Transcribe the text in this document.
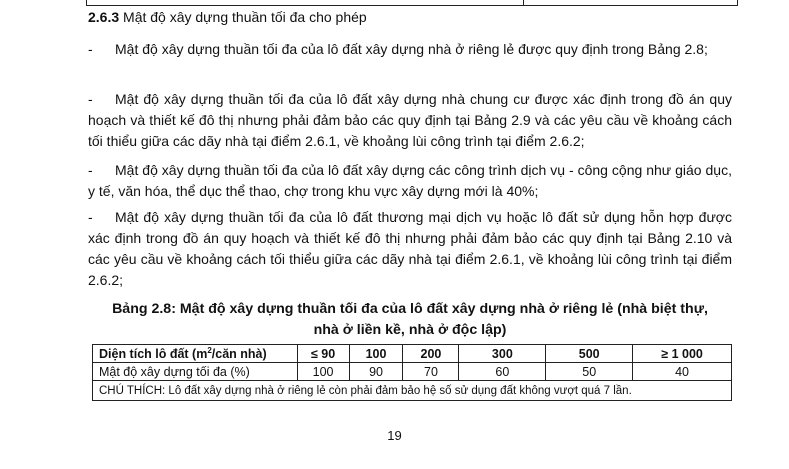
2.6.3 Mật độ xây dựng thuần tối đa cho phép
- Mật độ xây dựng thuần tối đa của lô đất xây dựng nhà ở riêng lẻ được quy định trong Bảng 2.8;
- Mật độ xây dựng thuần tối đa của lô đất xây dựng nhà chung cư được xác định trong đồ án quy hoạch và thiết kế đô thị nhưng phải đảm bảo các quy định tại Bảng 2.9 và các yêu cầu về khoảng cách tối thiểu giữa các dãy nhà tại điểm 2.6.1, về khoảng lùi công trình tại điểm 2.6.2;
- Mật độ xây dựng thuần tối đa của lô đất xây dựng các công trình dịch vụ - công cộng như giáo dục, y tế, văn hóa, thể dục thể thao, chợ trong khu vực xây dựng mới là 40%;
- Mật độ xây dựng thuần tối đa của lô đất thương mại dịch vụ hoặc lô đất sử dụng hỗn hợp được xác định trong đồ án quy hoạch và thiết kế đô thị nhưng phải đảm bảo các quy định tại Bảng 2.10 và các yêu cầu về khoảng cách tối thiểu giữa các dãy nhà tại điểm 2.6.1, về khoảng lùi công trình tại điểm 2.6.2;
Bảng 2.8: Mật độ xây dựng thuần tối đa của lô đất xây dựng nhà ở riêng lẻ (nhà biệt thự,
nhà ở liền kề, nhà ở độc lập)
Diện tích lô đất ($m^2$/căn nhà)	≤ 90	100	200	300	500	≥ 1 000
Mật độ xây dựng tối đa (%)	100	90	70	60	50	40
CHÚ THÍCH: Lô đất xây dựng nhà ở riêng lẻ còn phải đảm bảo hệ số sử dụng đất không vượt quá 7 lần.						
19
